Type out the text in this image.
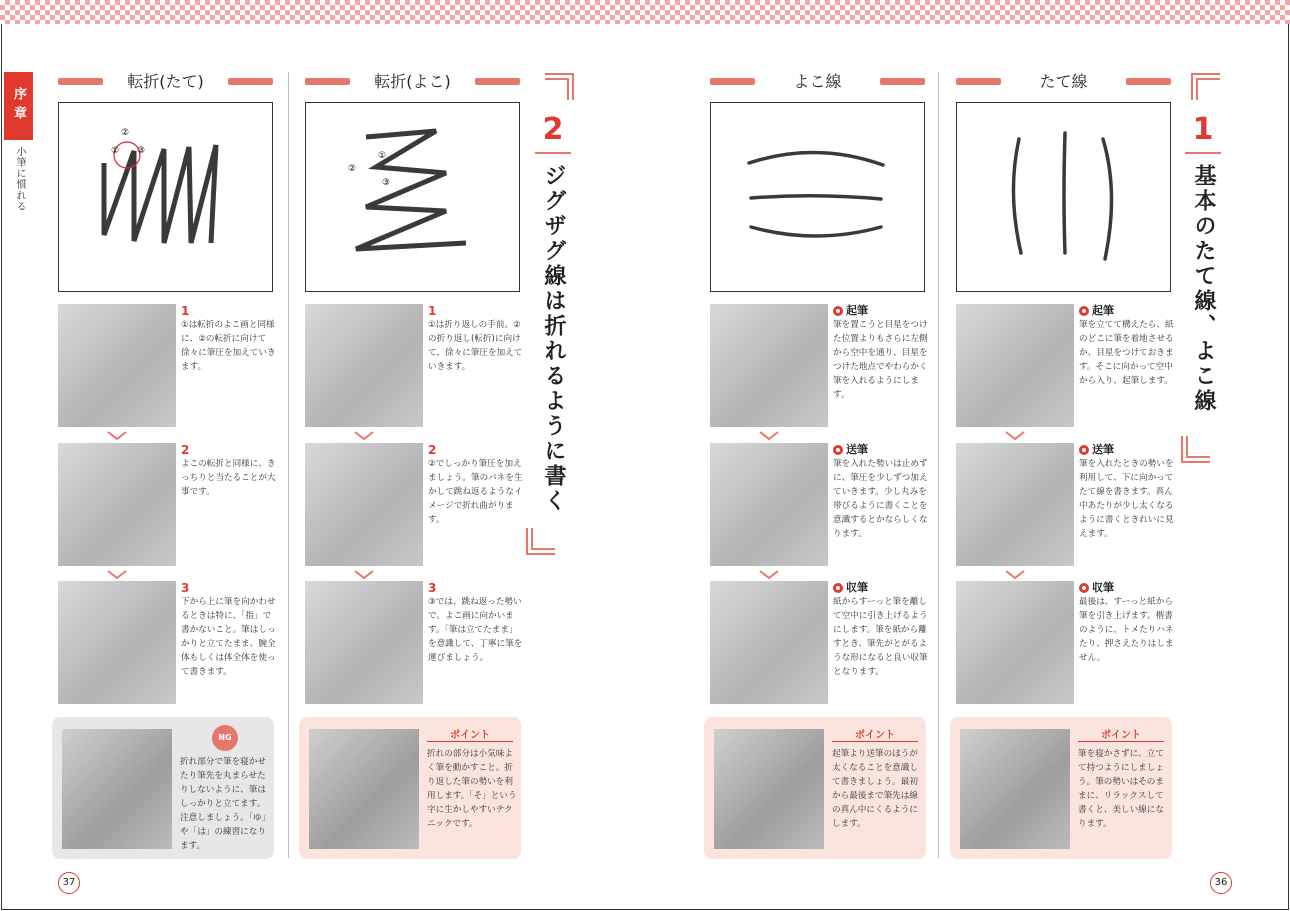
序章
小筆に慣れる
転折(たて)
②
① ③
1
①は転折のよこ画と同様に、②の転折に向けて徐々に筆圧を加えていきます。
2
よこの転折と同様に、きっちりと当たることが大事です。
3
下から上に筆を向かわせるときは特に、「指」で書かないこと。筆はしっかりと立てたまま、腕全体もしくは体全体を使って書きます。
NG
折れ部分で筆を寝かせたり筆先を丸まらせたりしないように、筆はしっかりと立てます。注意しましょう。「ゆ」や「は」の練習になります。
転折(よこ)
①
②
③
1
①は折り返しの手前。②の折り返し(転折)に向けて、徐々に筆圧を加えていきます。
2
②でしっかり筆圧を加えましょう。筆のバネを生かして跳ね返るようなイメージで折れ曲がります。
3
③では、跳ね返った勢いで、よこ画に向かいます。「筆は立てたまま」を意識して、丁寧に筆を運びましょう。
ポイント
折れの部分は小気味よく筆を動かすこと。折り返した筆の勢いを利用します。「そ」という字に生かしやすいテクニックです。
2
ジグザグ線は折れるように書く
37
よこ線
起筆
筆を置こうと目星をつけた位置よりもさらに左側から空中を通り、目星をつけた地点でやわらかく筆を入れるようにします。
送筆
筆を入れた勢いは止めずに、筆圧を少しずつ加えていきます。少し丸みを帯びるように書くことを意識するとかならしくなります。
収筆
紙からすーっと筆を離して空中に引き上げるようにします。筆を紙から離すとき、筆先がとがるような形になると良い収筆となります。
ポイント
起筆より送筆のほうが太くなることを意識して書きましょう。最初から最後まで筆先は線の真ん中にくるようにします。
たて線
起筆
筆を立てて構えたら、紙のどこに筆を着地させるか、目星をつけておきます。そこに向かって空中から入り、起筆します。
送筆
筆を入れたときの勢いを利用して、下に向かってたて線を書きます。真ん中あたりが少し太くなるように書くときれいに見えます。
収筆
最後は、すーっと紙から筆を引き上げます。楷書のように、トメたりハネたり、押さえたりはしません。
ポイント
筆を寝かさずに、立てて持つようにしましょう。筆の勢いはそのままに、リラックスして書くと、美しい線になります。
1
基本のたて線、よこ線
36
